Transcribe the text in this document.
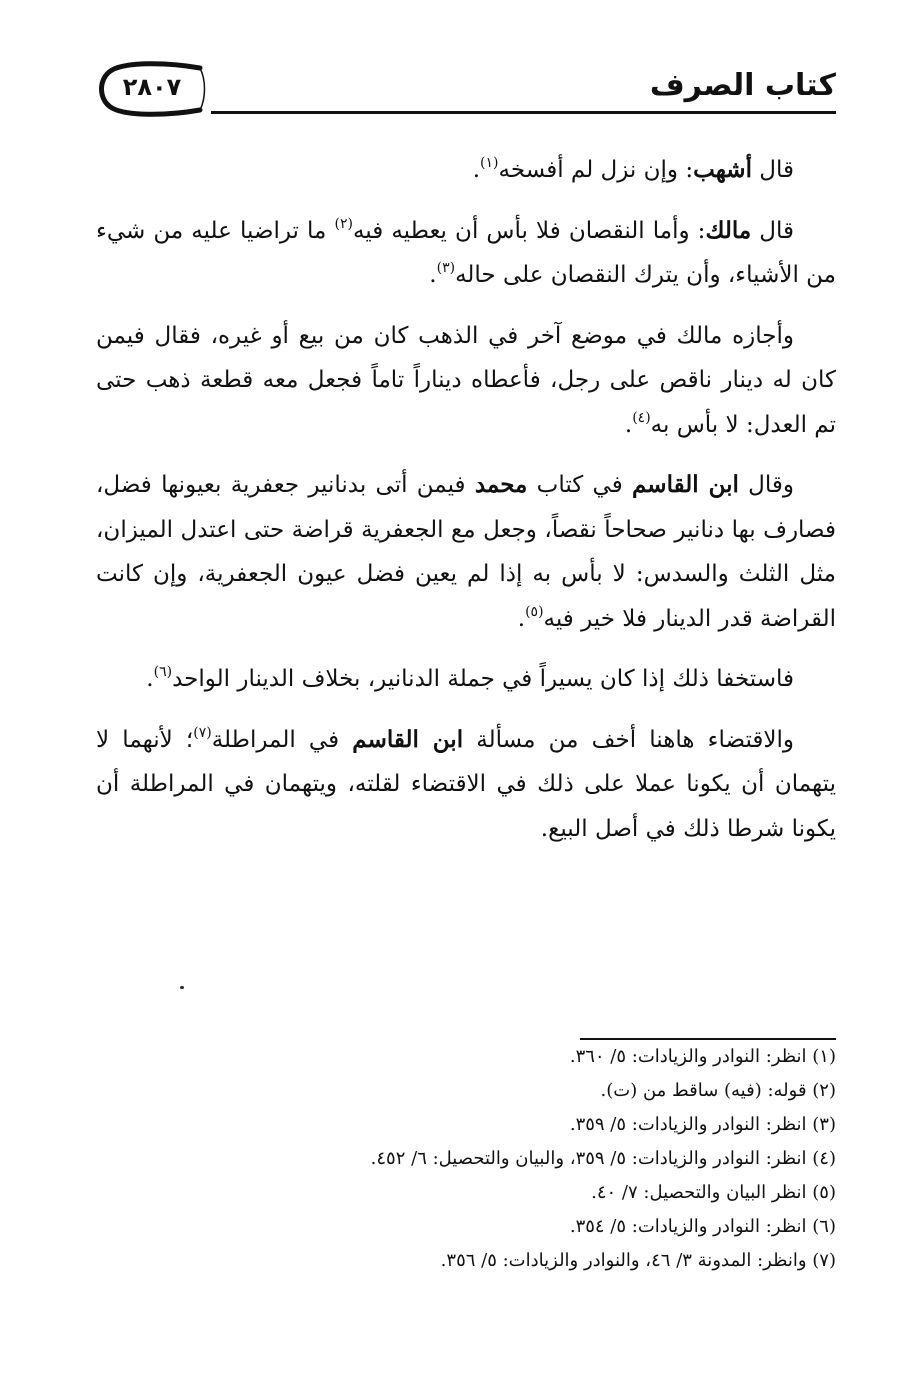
كتاب الصرف
٢٨٠٧

قال أشهب: وإن نزل لم أفسخه$^{(١)}$.

قال مالك: وأما النقصان فلا بأس أن يعطيه فيه$^{(٢)}$ ما تراضيا عليه من شيء من الأشياء، وأن يترك النقصان على حاله$^{(٣)}$.

وأجازه مالك في موضع آخر في الذهب كان من بيع أو غيره، فقال فيمن كان له دينار ناقص على رجل، فأعطاه ديناراً تاماً فجعل معه قطعة ذهب حتى تم العدل: لا بأس به$^{(٤)}$.

وقال ابن القاسم في كتاب محمد فيمن أتى بدنانير جعفرية بعيونها فضل، فصارف بها دنانير صحاحاً نقصاً، وجعل مع الجعفرية قراضة حتى اعتدل الميزان، مثل الثلث والسدس: لا بأس به إذا لم يعين فضل عيون الجعفرية، وإن كانت القراضة قدر الدينار فلا خير فيه$^{(٥)}$.

فاستخفا ذلك إذا كان يسيراً في جملة الدنانير، بخلاف الدينار الواحد$^{(٦)}$.

والاقتضاء هاهنا أخف من مسألة ابن القاسم في المراطلة$^{(٧)}$؛ لأنهما لا يتهمان أن يكونا عملا على ذلك في الاقتضاء لقلته، ويتهمان في المراطلة أن يكونا شرطا ذلك في أصل البيع.

(١) انظر: النوادر والزيادات: ٥/ ٣٦٠.

(٢) قوله: (فيه) ساقط من (ت).

(٣) انظر: النوادر والزيادات: ٥/ ٣٥٩.

(٤) انظر: النوادر والزيادات: ٥/ ٣٥٩، والبيان والتحصيل: ٦/ ٤٥٢.

(٥) انظر البيان والتحصيل: ٧/ ٤٠.

(٦) انظر: النوادر والزيادات: ٥/ ٣٥٤.

(٧) وانظر: المدونة ٣/ ٤٦، والنوادر والزيادات: ٥/ ٣٥٦.
